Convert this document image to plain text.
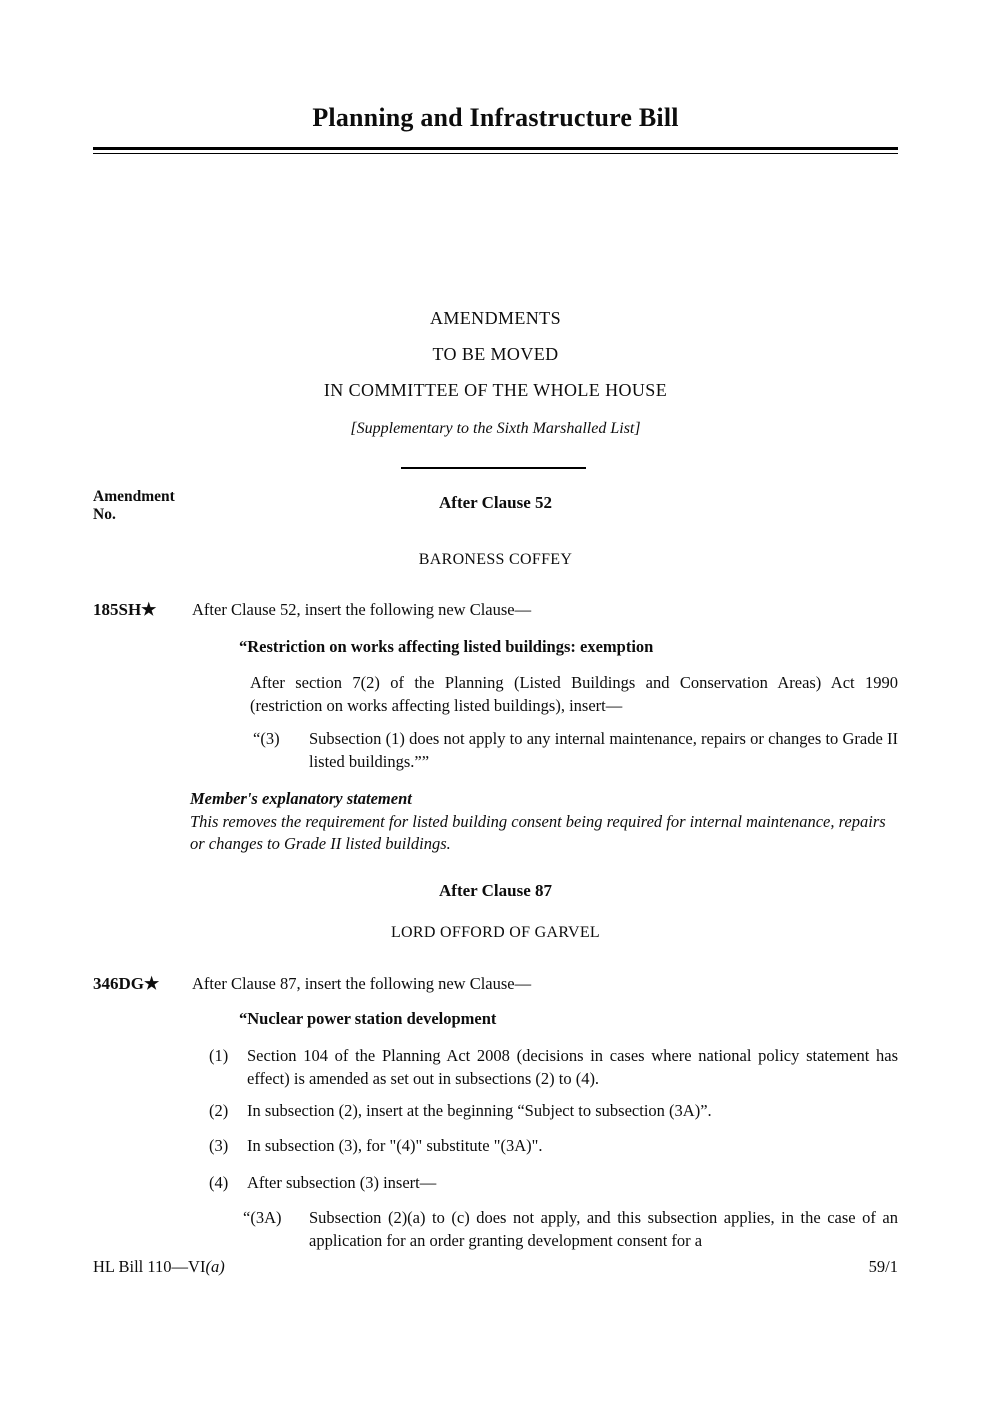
Planning and Infrastructure Bill
AMENDMENTS
TO BE MOVED
IN COMMITTEE OF THE WHOLE HOUSE
[Supplementary to the Sixth Marshalled List]
Amendment
No.
After Clause 52
BARONESS COFFEY
185SH★ After Clause 52, insert the following new Clause—
“Restriction on works affecting listed buildings: exemption
After section 7(2) of the Planning (Listed Buildings and Conservation Areas) Act 1990 (restriction on works affecting listed buildings), insert—
“(3) Subsection (1) does not apply to any internal maintenance, repairs or changes to Grade II listed buildings.””
Member's explanatory statement
This removes the requirement for listed building consent being required for internal maintenance, repairs or changes to Grade II listed buildings.
After Clause 87
LORD OFFORD OF GARVEL
346DG★ After Clause 87, insert the following new Clause—
“Nuclear power station development
(1) Section 104 of the Planning Act 2008 (decisions in cases where national policy statement has effect) is amended as set out in subsections (2) to (4).
(2) In subsection (2), insert at the beginning “Subject to subsection (3A)”.
(3) In subsection (3), for "(4)" substitute "(3A)".
(4) After subsection (3) insert—
“(3A) Subsection (2)(a) to (c) does not apply, and this subsection applies, in the case of an application for an order granting development consent for a
HL Bill 110—VI(a)	59/1
